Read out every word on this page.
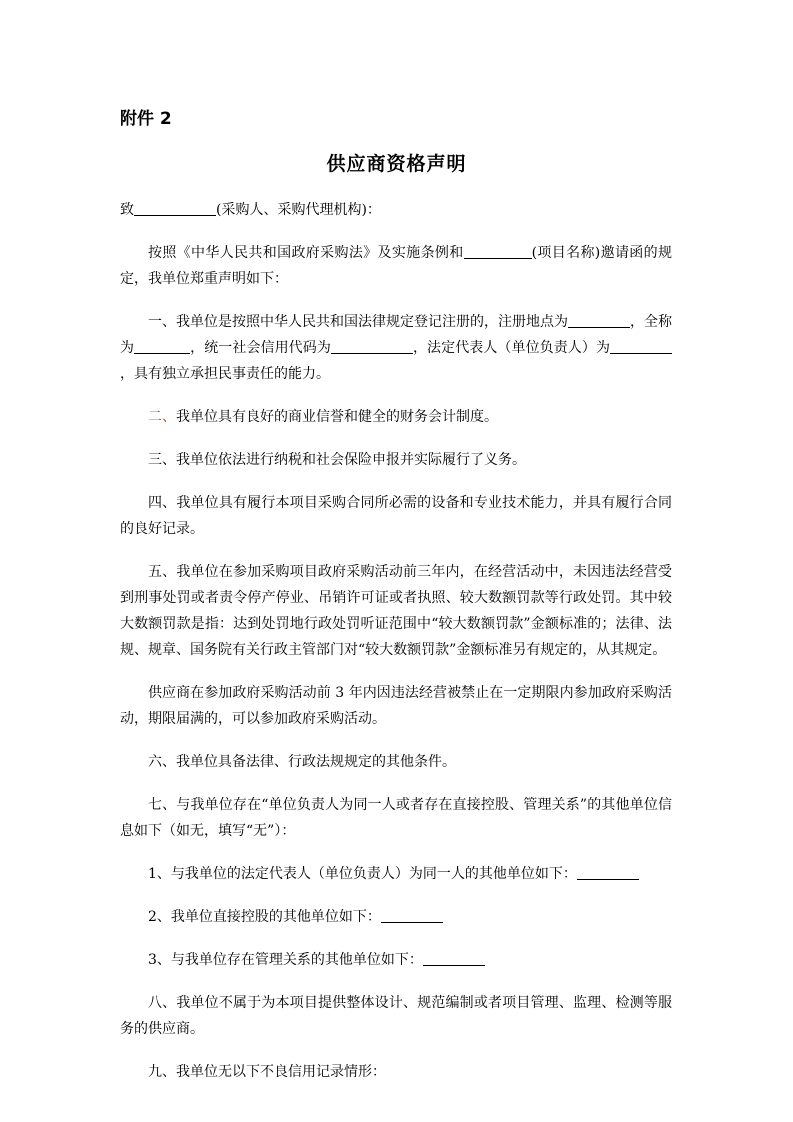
附件 2
供应商资格声明

致	(采购人、采购代理机构)：

按照《中华人民共和国政府采购法》及实施条例和	(项目名称)邀请函的规定，我单位郑重声明如下：

一、我单位是按照中华人民共和国法律规定登记注册的，注册地点为	，全称为	，统一社会信用代码为	，法定代表人（单位负责人）为，具有独立承担民事责任的能力。

二、我单位具有良好的商业信誉和健全的财务会计制度。

三、我单位依法进行纳税和社会保险申报并实际履行了义务。

四、我单位具有履行本项目采购合同所必需的设备和专业技术能力，并具有履行合同的良好记录。

五、我单位在参加采购项目政府采购活动前三年内，在经营活动中，未因违法经营受到刑事处罚或者责令停产停业、吊销许可证或者执照、较大数额罚款等行政处罚。其中较大数额罚款是指：达到处罚地行政处罚听证范围中“较大数额罚款”金额标准的；法律、法规、规章、国务院有关行政主管部门对“较大数额罚款”金额标准另有规定的，从其规定。

供应商在参加政府采购活动前 3 年内因违法经营被禁止在一定期限内参加政府采购活动，期限届满的，可以参加政府采购活动。

六、我单位具备法律、行政法规规定的其他条件。

七、与我单位存在“单位负责人为同一人或者存在直接控股、管理关系”的其他单位信息如下（如无，填写“无”）：

1、与我单位的法定代表人（单位负责人）为同一人的其他单位如下：

2、我单位直接控股的其他单位如下：

3、与我单位存在管理关系的其他单位如下：

八、我单位不属于为本项目提供整体设计、规范编制或者项目管理、监理、检测等服务的供应商。

九、我单位无以下不良信用记录情形：
